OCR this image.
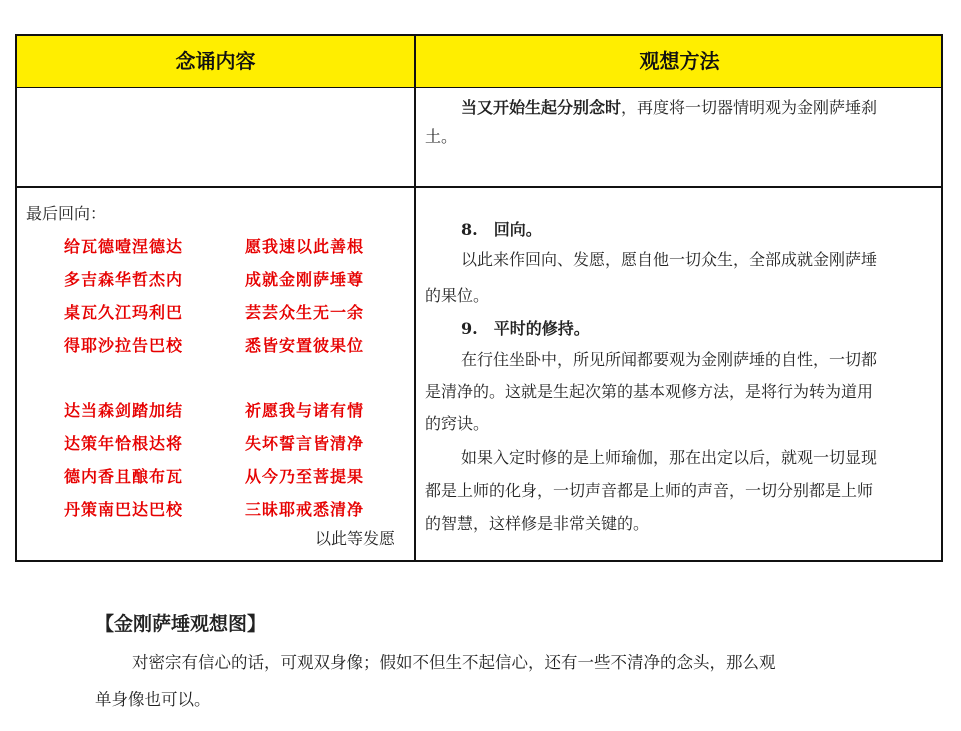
念诵内容	观想方法
当又开始生起分别念时，再度将一切器情明观为金刚萨埵刹
土。
最后回向：
给瓦德噎涅德达
多吉森华哲杰内
桌瓦久江玛利巴
得耶沙拉告巴校
愿我速以此善根
成就金刚萨埵尊
芸芸众生无一余
悉皆安置彼果位
达当森剑踏加结
达策年恰根达将
德内香且酿布瓦
丹策南巴达巴校
祈愿我与诸有情
失坏誓言皆清净
从今乃至菩提果
三昧耶戒悉清净
以此等发愿
8.　回向。
以此来作回向、发愿，愿自他一切众生，全部成就金刚萨埵
的果位。
9.　平时的修持。
在行住坐卧中，所见所闻都要观为金刚萨埵的自性，一切都
是清净的。这就是生起次第的基本观修方法，是将行为转为道用
的窍诀。
如果入定时修的是上师瑜伽，那在出定以后，就观一切显现
都是上师的化身，一切声音都是上师的声音，一切分别都是上师
的智慧，这样修是非常关键的。
【金刚萨埵观想图】
对密宗有信心的话，可观双身像；假如不但生不起信心，还有一些不清净的念头，那么观
单身像也可以。
